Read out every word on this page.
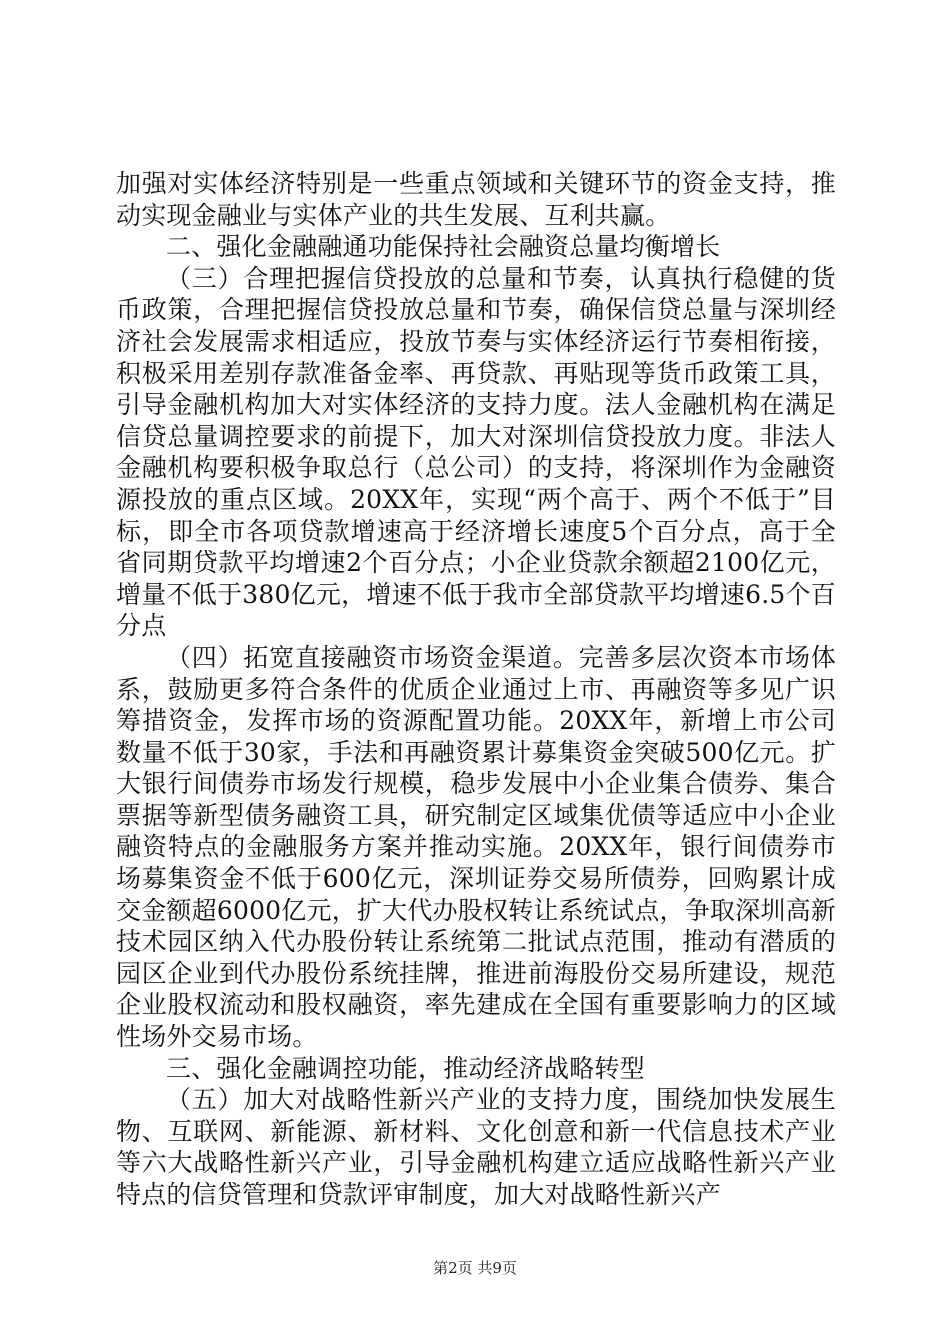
加强对实体经济特别是一些重点领域和关键环节的资金支持，推动实现金融业与实体产业的共生发展、互利共赢。

二、强化金融融通功能保持社会融资总量均衡增长

（三）合理把握信贷投放的总量和节奏，认真执行稳健的货币政策，合理把握信贷投放总量和节奏，确保信贷总量与深圳经济社会发展需求相适应，投放节奏与实体经济运行节奏相衔接，积极采用差别存款准备金率、再贷款、再贴现等货币政策工具，引导金融机构加大对实体经济的支持力度。法人金融机构在满足信贷总量调控要求的前提下，加大对深圳信贷投放力度。非法人金融机构要积极争取总行（总公司）的支持，将深圳作为金融资源投放的重点区域。20XX年，实现“两个高于、两个不低于”目标，即全市各项贷款增速高于经济增长速度5个百分点，高于全省同期贷款平均增速2个百分点；小企业贷款余额超2100亿元，增量不低于380亿元，增速不低于我市全部贷款平均增速6.5个百分点

（四）拓宽直接融资市场资金渠道。完善多层次资本市场体系，鼓励更多符合条件的优质企业通过上市、再融资等多见广识筹措资金，发挥市场的资源配置功能。20XX年，新增上市公司数量不低于30家，手法和再融资累计募集资金突破500亿元。扩大银行间债券市场发行规模，稳步发展中小企业集合债券、集合票据等新型债务融资工具，研究制定区域集优债等适应中小企业融资特点的金融服务方案并推动实施。20XX年，银行间债券市场募集资金不低于600亿元，深圳证券交易所债券，回购累计成交金额超6000亿元，扩大代办股权转让系统试点，争取深圳高新技术园区纳入代办股份转让系统第二批试点范围，推动有潜质的园区企业到代办股份系统挂牌，推进前海股份交易所建设，规范企业股权流动和股权融资，率先建成在全国有重要影响力的区域性场外交易市场。

三、强化金融调控功能，推动经济战略转型

（五）加大对战略性新兴产业的支持力度，围绕加快发展生物、互联网、新能源、新材料、文化创意和新一代信息技术产业等六大战略性新兴产业，引导金融机构建立适应战略性新兴产业特点的信贷管理和贷款评审制度，加大对战略性新兴产

第2页 共9页
